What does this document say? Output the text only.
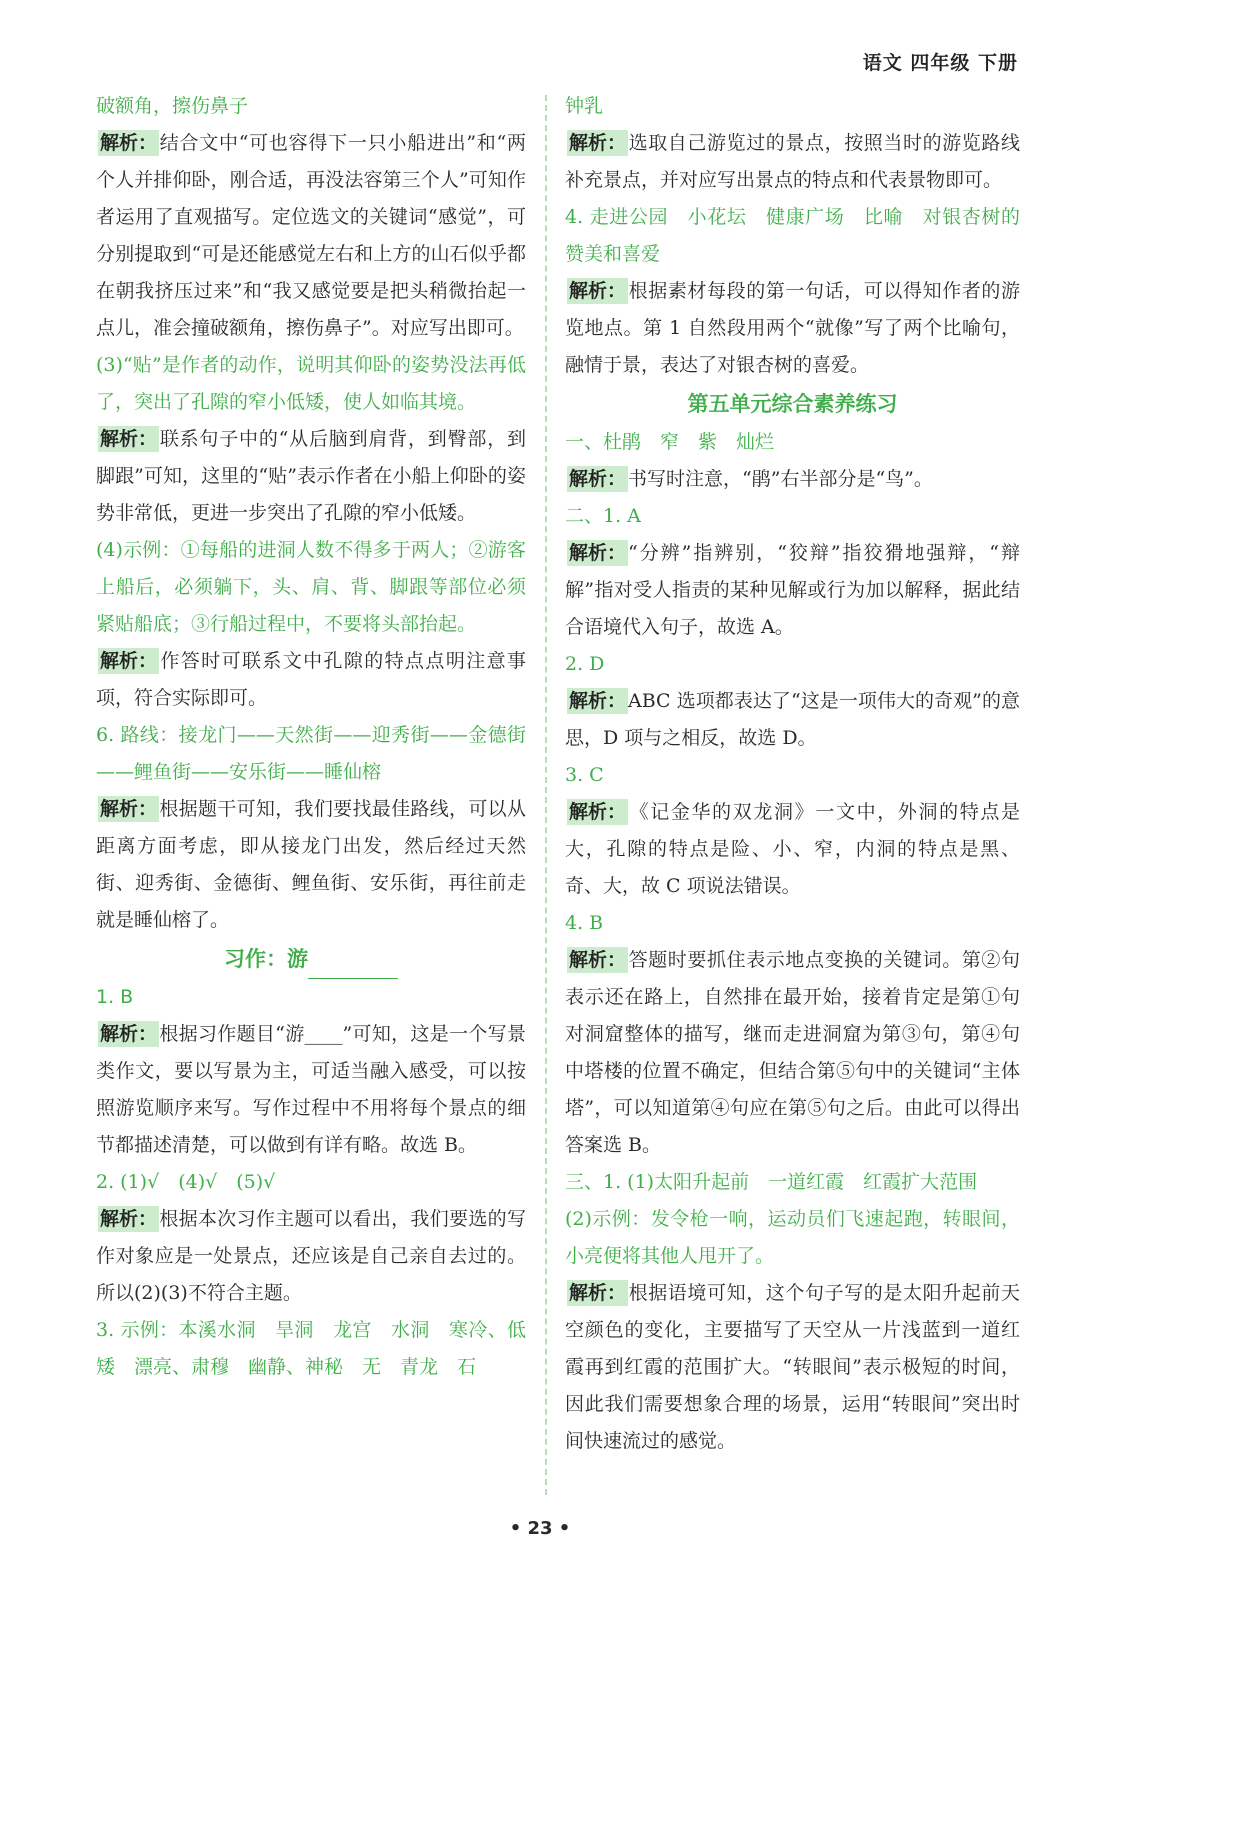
语文 四年级 下册

破额角，擦伤鼻子

解析： 结合文中“可也容得下一只小船进出”和“两个人并排仰卧，刚合适，再没法容第三个人”可知作者运用了直观描写。定位选文的关键词“感觉”，可分别提取到“可是还能感觉左右和上方的山石似乎都在朝我挤压过来”和“我又感觉要是把头稍微抬起一点儿，准会撞破额角，擦伤鼻子”。对应写出即可。

(3)“贴”是作者的动作，说明其仰卧的姿势没法再低了，突出了孔隙的窄小低矮，使人如临其境。

解析： 联系句子中的“从后脑到肩背，到臀部，到脚跟”可知，这里的“贴”表示作者在小船上仰卧的姿势非常低，更进一步突出了孔隙的窄小低矮。

(4)示例：①每船的进洞人数不得多于两人；②游客上船后，必须躺下，头、肩、背、脚跟等部位必须紧贴船底；③行船过程中，不要将头部抬起。

解析： 作答时可联系文中孔隙的特点点明注意事项，符合实际即可。

6. 路线：接龙门——天然街——迎秀街——金德街——鲤鱼街——安乐街——睡仙榕

解析： 根据题干可知，我们要找最佳路线，可以从距离方面考虑，即从接龙门出发，然后经过天然街、迎秀街、金德街、鲤鱼街、安乐街，再往前走就是睡仙榕了。

习作：游

1. B

解析： 根据习作题目“游____”可知，这是一个写景类作文，要以写景为主，可适当融入感受，可以按照游览顺序来写。写作过程中不用将每个景点的细节都描述清楚，可以做到有详有略。故选 B。

2. (1)√　(4)√　(5)√

解析： 根据本次习作主题可以看出，我们要选的写作对象应是一处景点，还应该是自己亲自去过的。所以(2)(3)不符合主题。

3. 示例：本溪水洞　旱洞　龙宫　水洞　寒冷、低矮　漂亮、肃穆　幽静、神秘　无　青龙　石

钟乳

解析： 选取自己游览过的景点，按照当时的游览路线补充景点，并对应写出景点的特点和代表景物即可。

4. 走进公园　小花坛　健康广场　比喻　对银杏树的赞美和喜爱

解析： 根据素材每段的第一句话，可以得知作者的游览地点。第 1 自然段用两个“就像”写了两个比喻句，融情于景，表达了对银杏树的喜爱。

第五单元综合素养练习

一、杜鹃　窄　紫　灿烂

解析： 书写时注意，“鹃”右半部分是“鸟”。

二、1. A

解析： “分辨”指辨别，“狡辩”指狡猾地强辩，“辩解”指对受人指责的某种见解或行为加以解释，据此结合语境代入句子，故选 A。

2. D

解析： ABC 选项都表达了“这是一项伟大的奇观”的意思，D 项与之相反，故选 D。

3. C

解析： 《记金华的双龙洞》一文中，外洞的特点是大，孔隙的特点是险、小、窄，内洞的特点是黑、奇、大，故 C 项说法错误。

4. B

解析： 答题时要抓住表示地点变换的关键词。第②句表示还在路上，自然排在最开始，接着肯定是第①句对洞窟整体的描写，继而走进洞窟为第③句，第④句中塔楼的位置不确定，但结合第⑤句中的关键词“主体塔”，可以知道第④句应在第⑤句之后。由此可以得出答案选 B。

三、1. (1)太阳升起前　一道红霞　红霞扩大范围

(2)示例：发令枪一响，运动员们飞速起跑，转眼间，小亮便将其他人甩开了。

解析： 根据语境可知，这个句子写的是太阳升起前天空颜色的变化，主要描写了天空从一片浅蓝到一道红霞再到红霞的范围扩大。“转眼间”表示极短的时间，因此我们需要想象合理的场景，运用“转眼间”突出时间快速流过的感觉。

• 23 •
